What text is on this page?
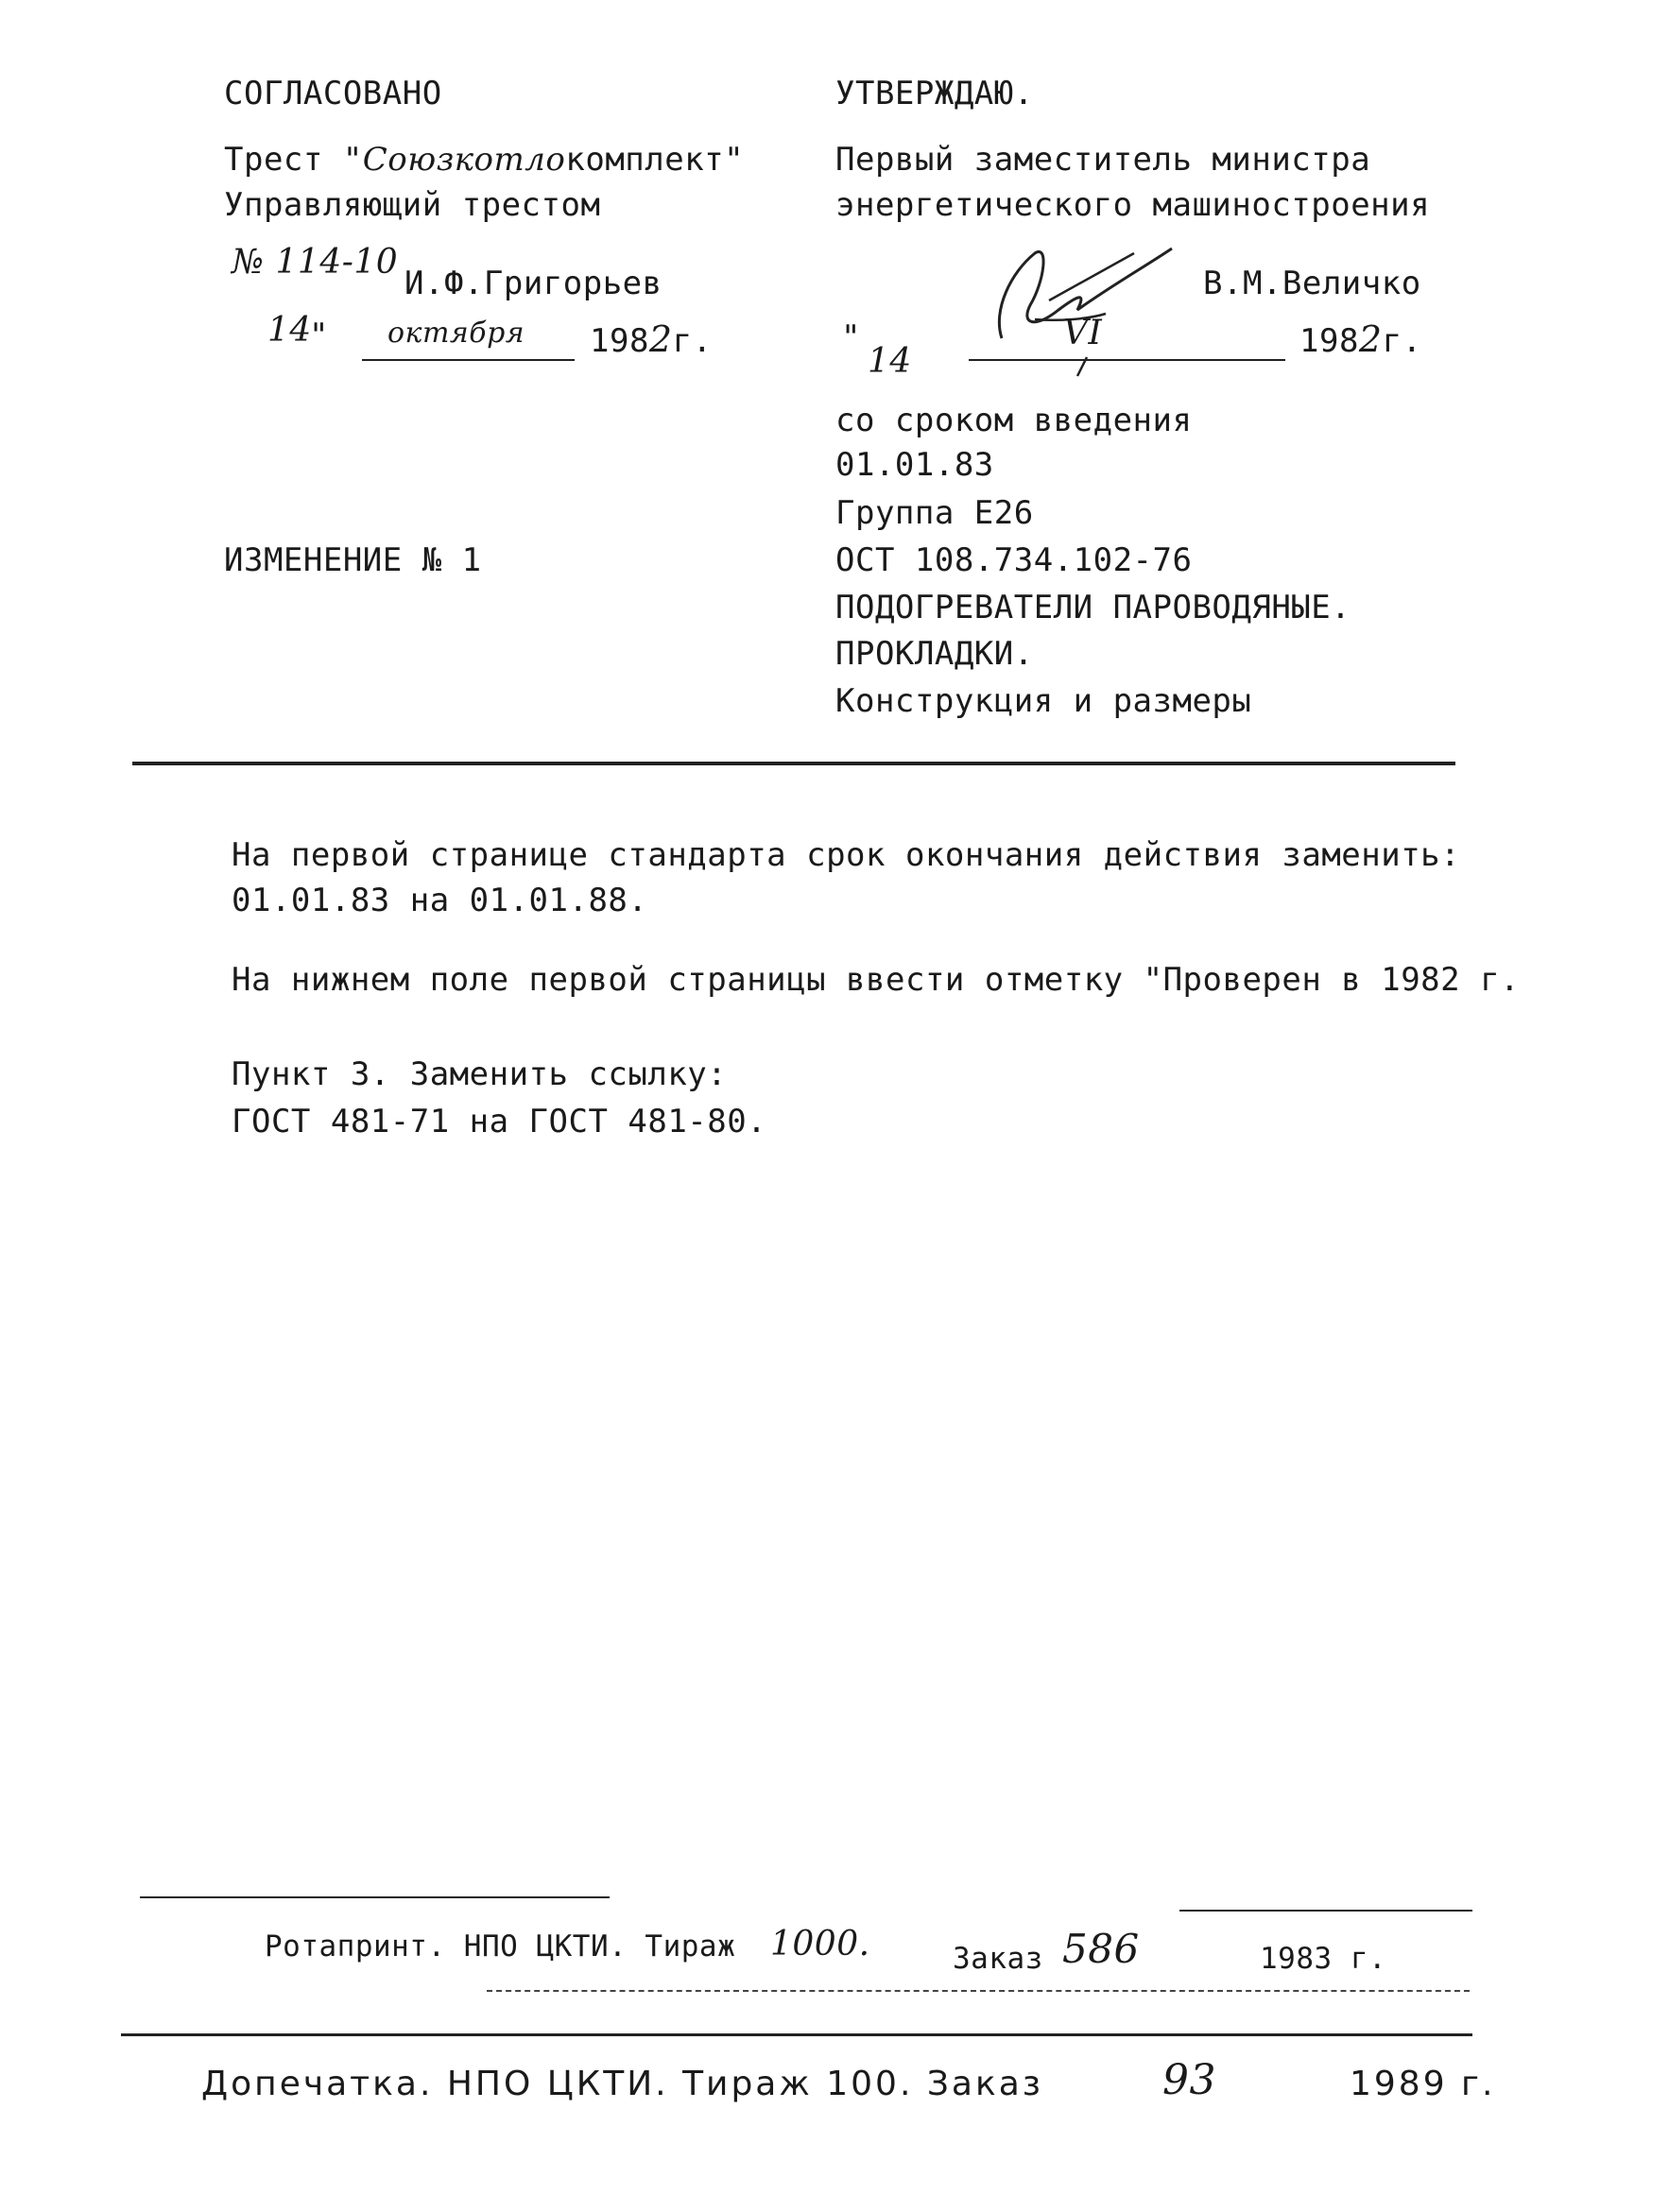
СОГЛАСОВАНО
Трест "Союзкотлокомплект"
Управляющий трестом
№ 114-10
И.Ф.Григорьев
14
" октября 1982г.
УТВЕРЖДАЮ.
Первый заместитель министра
энергетического машиностроения
В.М.Величко
"
14
VI	1982г.
со сроком введения
01.01.83
Группа Е26
ИЗМЕНЕНИЕ № 1	ОСТ 108.734.102-76
ПОДОГРЕВАТЕЛИ ПАРОВОДЯНЫЕ.
ПРОКЛАДКИ.
Конструкция и размеры
На первой странице стандарта срок окончания действия заменить:
01.01.83 на 01.01.88.
На нижнем поле первой страницы ввести отметку "Проверен в 1982 г.
Пункт 3. Заменить ссылку:
ГОСТ 481-71 на ГОСТ 481-80.
Ротапринт. НПО ЦКТИ. Тираж 1000.	Заказ 586	1983 г.
Допечатка. НПО ЦКТИ. Тираж 100. Заказ	93	1989 г.
